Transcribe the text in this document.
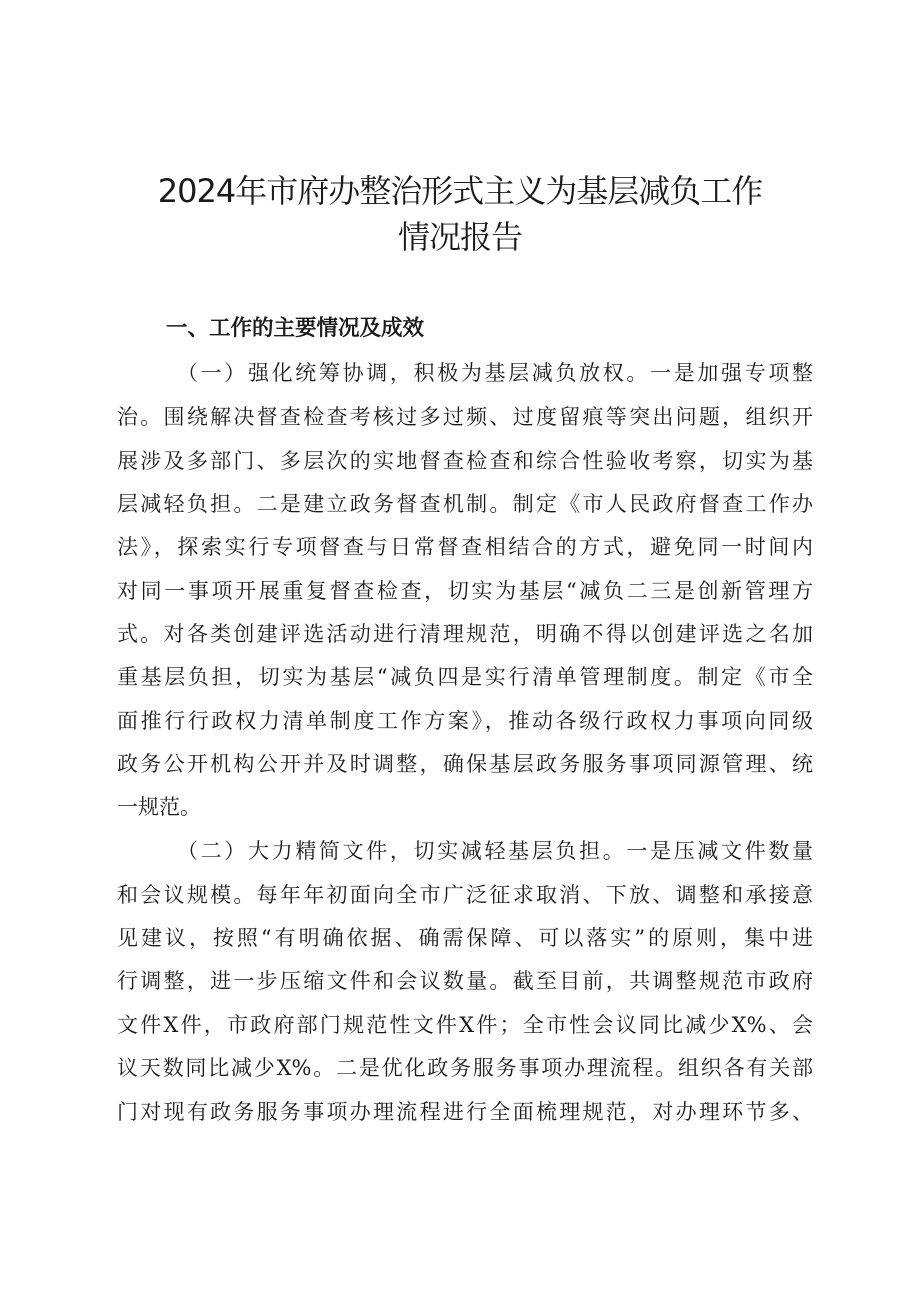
2024年市府办整治形式主义为基层减负工作
情况报告
一、工作的主要情况及成效
（一）强化统筹协调，积极为基层减负放权。一是加强专项整
治。围绕解决督查检查考核过多过频、过度留痕等突出问题，组织开
展涉及多部门、多层次的实地督查检查和综合性验收考察，切实为基
层减轻负担。二是建立政务督查机制。制定《市人民政府督查工作办
法》，探索实行专项督查与日常督查相结合的方式，避免同一时间内
对同一事项开展重复督查检查，切实为基层“减负二三是创新管理方
式。对各类创建评选活动进行清理规范，明确不得以创建评选之名加
重基层负担，切实为基层“减负四是实行清单管理制度。制定《市全
面推行行政权力清单制度工作方案》，推动各级行政权力事项向同级
政务公开机构公开并及时调整，确保基层政务服务事项同源管理、统
一规范。
（二）大力精简文件，切实减轻基层负担。一是压减文件数量
和会议规模。每年年初面向全市广泛征求取消、下放、调整和承接意
见建议，按照“有明确依据、确需保障、可以落实”的原则，集中进
行调整，进一步压缩文件和会议数量。截至目前，共调整规范市政府
文件X件，市政府部门规范性文件X件；全市性会议同比减少X%、会
议天数同比减少X%。二是优化政务服务事项办理流程。组织各有关部
门对现有政务服务事项办理流程进行全面梳理规范，对办理环节多、
